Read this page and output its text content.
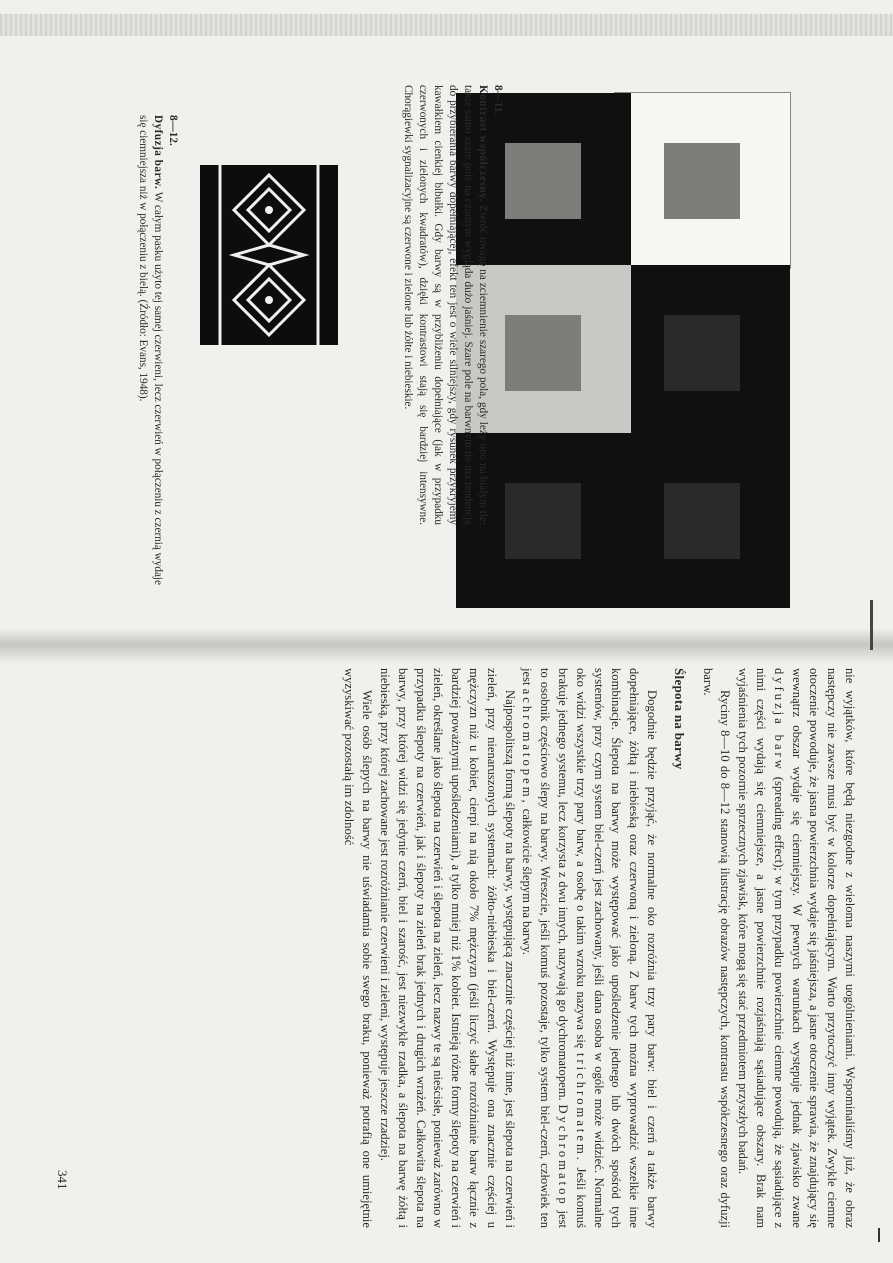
8—11.
Kontrast współczesny. Zwróć uwagę na zciemnienie szarego pola, gdy leży ono na białym tle; takie samo szare pole na czarnym wygląda dużo jaśniej. Szare pole na barwnym tle ma tendencję do przybierania barwy dopełniającej, efekt ten jest o wiele silniejszy, gdy rysunek przykryjemy kawałkiem cienkiej bibułki. Gdy barwy są w przybliżeniu dopełniające (jak w przypadku czerwonych i zielonych kwadratów), dzięki kontrastowi stają się bardziej intensywne. Chorągiewki sygnalizacyjne są czerwone i zielone lub żółte i niebieskie.
8—12.
Dyfuzja barw. W całym pasku użyto tej samej czerwieni, lecz czerwień w połączeniu z czernią wydaje się ciemniejsza niż w połączeniu z bielą. (Źródło: Evans, 1948).

nie wyjątków, które będą niezgodne z wieloma naszymi uogólnieniami. Wspominaliśmy już, że obraz następczy nie zawsze musi być w kolorze dopełniającym. Warto przytoczyć inny wyjątek. Zwykle ciemne otoczenie powoduje, że jasna powierzchnia wydaje się jaśniejsza, a jasne otoczenie sprawia, że znajdujący się wewnątrz obszar wydaje się ciemniejszy. W pewnych warunkach występuje jednak zjawisko zwane dyfuzja barw (spreading effect); w tym przypadku powierzchnie ciemne powodują, że sąsiadujące z nimi części wydają się ciemniejsze, a jasne powierzchnie rozjaśniają sąsiadujące obszary. Brak nam wyjaśnienia tych pozornie sprzecznych zjawisk, które mogą się stać przedmiotem przyszłych badań.

Ryciny 8—10 do 8—12 stanowią ilustrację obrazów następczych, kontrastu współczesnego oraz dyfuzji barw.

Ślepota na barwy

Dogodnie będzie przyjąć, że normalne oko rozróżnia trzy pary barw: biel i czerń a także barwy dopełniające, żółtą i niebieską oraz czerwoną i zieloną. Z barw tych można wyprowadzić wszelkie inne kombinacje. Ślepota na barwy może występować jako upośledzenie jednego lub dwóch spośród tych systemów, przy czym system biel-czerń jest zachowany, jeśli dana osoba w ogóle może widzieć. Normalne oko widzi wszystkie trzy pary barw, a osobę o takim wzroku nazywa się trichromatem. Jeśli komuś brakuje jednego systemu, lecz korzysta z dwu innych, nazywają go dychromatopem. Dychromatop jest to osobnik częściowo ślepy na barwy. Wreszcie, jeśli komuś pozostaje, tylko system biel-czerń, człowiek ten jest achromatopem, całkowicie ślepym na barwy.

Najpospolitszą formą ślepoty na barwy, występującą znacznie częściej niż inne, jest ślepota na czerwień i zieleń, przy nienaruszonych systemach: żółto-niebieska i biel-czerń. Występuje ona znacznie częściej u mężczyzn niż u kobiet, cierpi na nią około 7% mężczyzn (jeśli liczyć słabe rozróżnianie barw łącznie z bardziej poważnymi upośledzeniami), a tylko mniej niż 1% kobiet. Istnieją różne formy ślepoty na czerwień i zieleń, określane jako ślepota na czerwień i ślepota na zieleń, lecz nazwy te są nieścisłe, ponieważ zarówno w przypadku ślepoty na czerwień, jak i ślepoty na zieleń brak jednych i drugich wrażeń. Całkowita ślepota na barwy, przy której widzi się jedynie czerń, biel i szarość, jest niezwykle rzadka, a ślepota na barwę żółtą i niebieską, przy której zachowane jest rozróżnianie czerwieni i zieleni, występuje jeszcze rzadziej.

Wiele osób ślepych na barwy nie uświadamia sobie swego braku, ponieważ potrafią one umiejętnie wyzyskiwać pozostałą im zdolność

341
